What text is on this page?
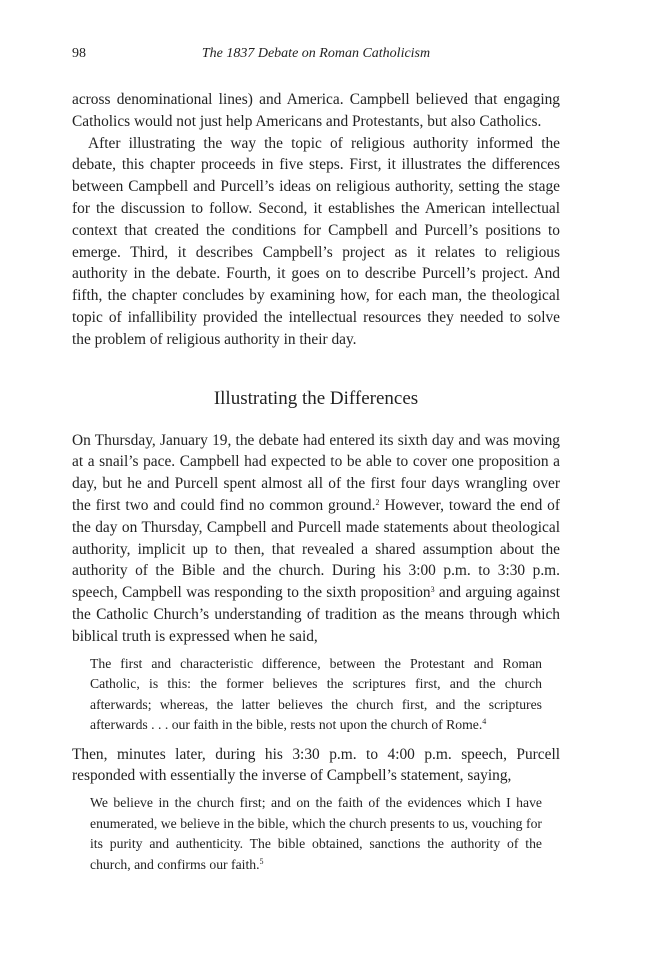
98	The 1837 Debate on Roman Catholicism

across denominational lines) and America. Campbell believed that engaging Catholics would not just help Americans and Protestants, but also Catholics.

After illustrating the way the topic of religious authority informed the debate, this chapter proceeds in five steps. First, it illustrates the differences between Campbell and Purcell’s ideas on religious authority, setting the stage for the discussion to follow. Second, it establishes the American intellectual context that created the conditions for Campbell and Purcell’s positions to emerge. Third, it describes Campbell’s project as it relates to religious authority in the debate. Fourth, it goes on to describe Purcell’s project. And fifth, the chapter concludes by examining how, for each man, the theological topic of infallibility provided the intellectual resources they needed to solve the problem of religious authority in their day.

Illustrating the Differences

On Thursday, January 19, the debate had entered its sixth day and was moving at a snail’s pace. Campbell had expected to be able to cover one proposition a day, but he and Purcell spent almost all of the first four days wrangling over the first two and could find no common ground.$^2$ However, toward the end of the day on Thursday, Campbell and Purcell made statements about theological authority, implicit up to then, that revealed a shared assumption about the authority of the Bible and the church. During his 3:00 p.m. to 3:30 p.m. speech, Campbell was responding to the sixth proposition$^3$ and arguing against the Catholic Church’s understanding of tradition as the means through which biblical truth is expressed when he said,

The first and characteristic difference, between the Protestant and Roman Catholic, is this: the former believes the scriptures first, and the church afterwards; whereas, the latter believes the church first, and the scriptures afterwards . . . our faith in the bible, rests not upon the church of Rome.$^4$

Then, minutes later, during his 3:30 p.m. to 4:00 p.m. speech, Purcell responded with essentially the inverse of Campbell’s statement, saying,

We believe in the church first; and on the faith of the evidences which I have enumerated, we believe in the bible, which the church presents to us, vouching for its purity and authenticity. The bible obtained, sanctions the authority of the church, and confirms our faith.$^5$
